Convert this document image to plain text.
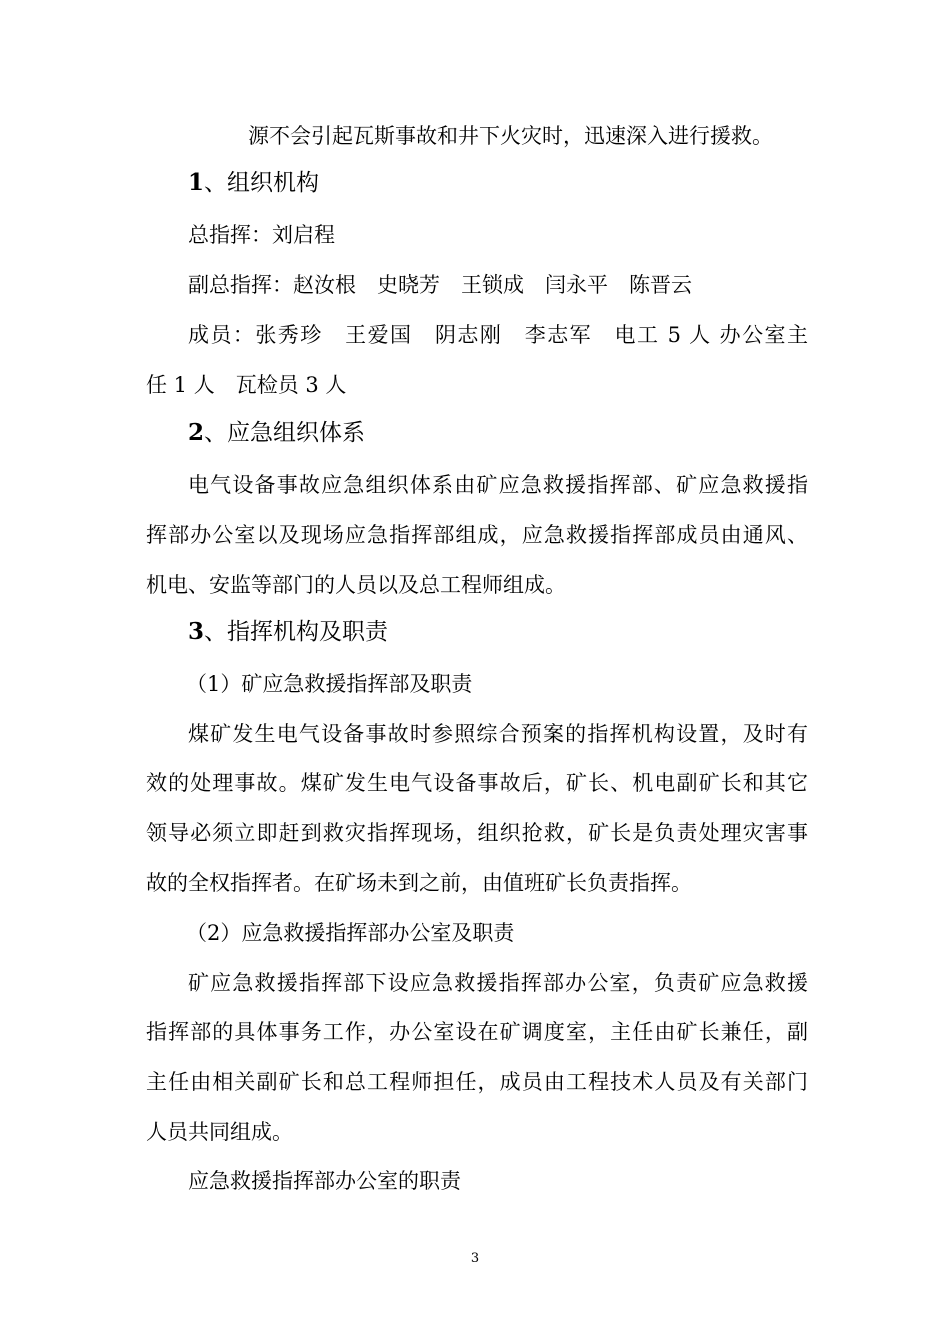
源不会引起瓦斯事故和井下火灾时，迅速深入进行援救。

1、组织机构

总指挥：刘启程

副总指挥：赵汝根　史晓芳　王锁成　闫永平　陈晋云

成员：张秀珍　王爱国　阴志刚　李志军　电工 5 人 办公室主

任 1 人　瓦检员 3 人

2、应急组织体系

电气设备事故应急组织体系由矿应急救援指挥部、矿应急救援指

挥部办公室以及现场应急指挥部组成，应急救援指挥部成员由通风、

机电、安监等部门的人员以及总工程师组成。

3、指挥机构及职责

（1）矿应急救援指挥部及职责

煤矿发生电气设备事故时参照综合预案的指挥机构设置，及时有

效的处理事故。煤矿发生电气设备事故后，矿长、机电副矿长和其它

领导必须立即赶到救灾指挥现场，组织抢救，矿长是负责处理灾害事

故的全权指挥者。在矿场未到之前，由值班矿长负责指挥。

（2）应急救援指挥部办公室及职责

矿应急救援指挥部下设应急救援指挥部办公室，负责矿应急救援

指挥部的具体事务工作，办公室设在矿调度室，主任由矿长兼任，副

主任由相关副矿长和总工程师担任，成员由工程技术人员及有关部门

人员共同组成。

应急救援指挥部办公室的职责

3
